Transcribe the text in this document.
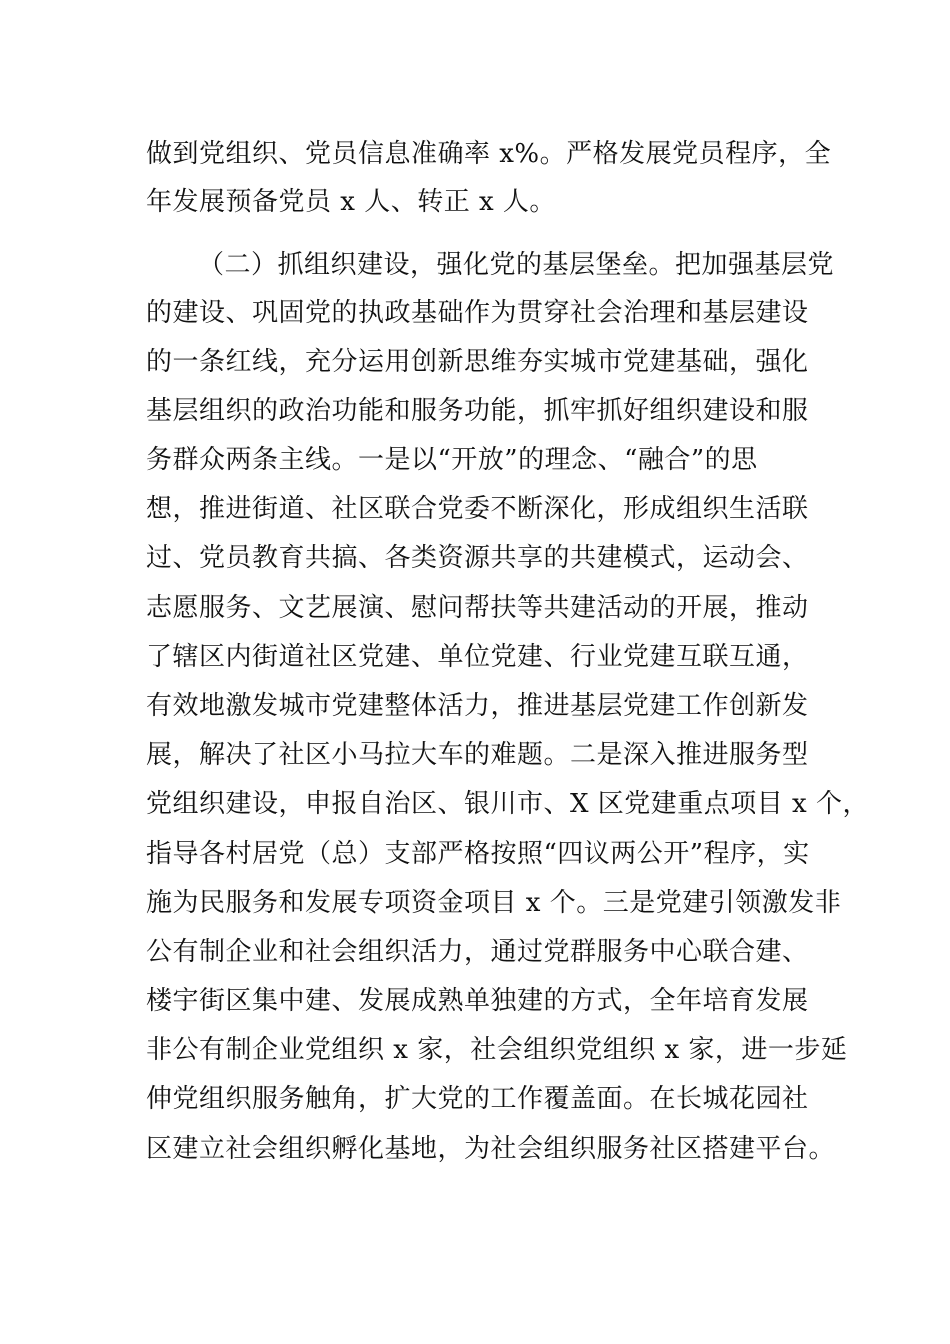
做到党组织、党员信息准确率 x%。严格发展党员程序，全
年发展预备党员 x 人、转正 x 人。
（二）抓组织建设，强化党的基层堡垒。把加强基层党
的建设、巩固党的执政基础作为贯穿社会治理和基层建设
的一条红线，充分运用创新思维夯实城市党建基础，强化
基层组织的政治功能和服务功能，抓牢抓好组织建设和服
务群众两条主线。一是以“开放”的理念、“融合”的思
想，推进街道、社区联合党委不断深化，形成组织生活联
过、党员教育共搞、各类资源共享的共建模式，运动会、
志愿服务、文艺展演、慰问帮扶等共建活动的开展，推动
了辖区内街道社区党建、单位党建、行业党建互联互通，
有效地激发城市党建整体活力，推进基层党建工作创新发
展，解决了社区小马拉大车的难题。二是深入推进服务型
党组织建设，申报自治区、银川市、X 区党建重点项目 x 个，
指导各村居党（总）支部严格按照“四议两公开”程序，实
施为民服务和发展专项资金项目 x 个。三是党建引领激发非
公有制企业和社会组织活力，通过党群服务中心联合建、
楼宇街区集中建、发展成熟单独建的方式，全年培育发展
非公有制企业党组织 x 家，社会组织党组织 x 家，进一步延
伸党组织服务触角，扩大党的工作覆盖面。在长城花园社
区建立社会组织孵化基地，为社会组织服务社区搭建平台。
